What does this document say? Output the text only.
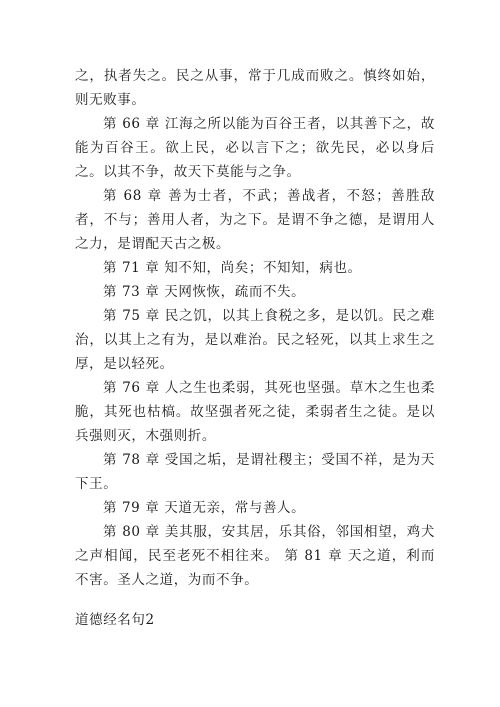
之，执者失之。民之从事，常于几成而败之。慎终如始，则无败事。

第 66 章 江海之所以能为百谷王者，以其善下之，故能为百谷王。欲上民，必以言下之；欲先民，必以身后之。以其不争，故天下莫能与之争。

第 68 章 善为士者，不武；善战者，不怒；善胜敌者，不与；善用人者，为之下。是谓不争之德，是谓用人之力，是谓配天古之极。

第 71 章 知不知，尚矣；不知知，病也。

第 73 章 天网恢恢，疏而不失。

第 75 章 民之饥，以其上食税之多，是以饥。民之难治，以其上之有为，是以难治。民之轻死，以其上求生之厚，是以轻死。

第 76 章 人之生也柔弱，其死也坚强。草木之生也柔脆，其死也枯槁。故坚强者死之徒，柔弱者生之徒。是以兵强则灭，木强则折。

第 78 章 受国之垢，是谓社稷主；受国不祥，是为天下王。

第 79 章 天道无亲，常与善人。

第 80 章 美其服，安其居，乐其俗，邻国相望，鸡犬之声相闻，民至老死不相往来。 第 81 章 天之道，利而不害。圣人之道，为而不争。

道德经名句2
